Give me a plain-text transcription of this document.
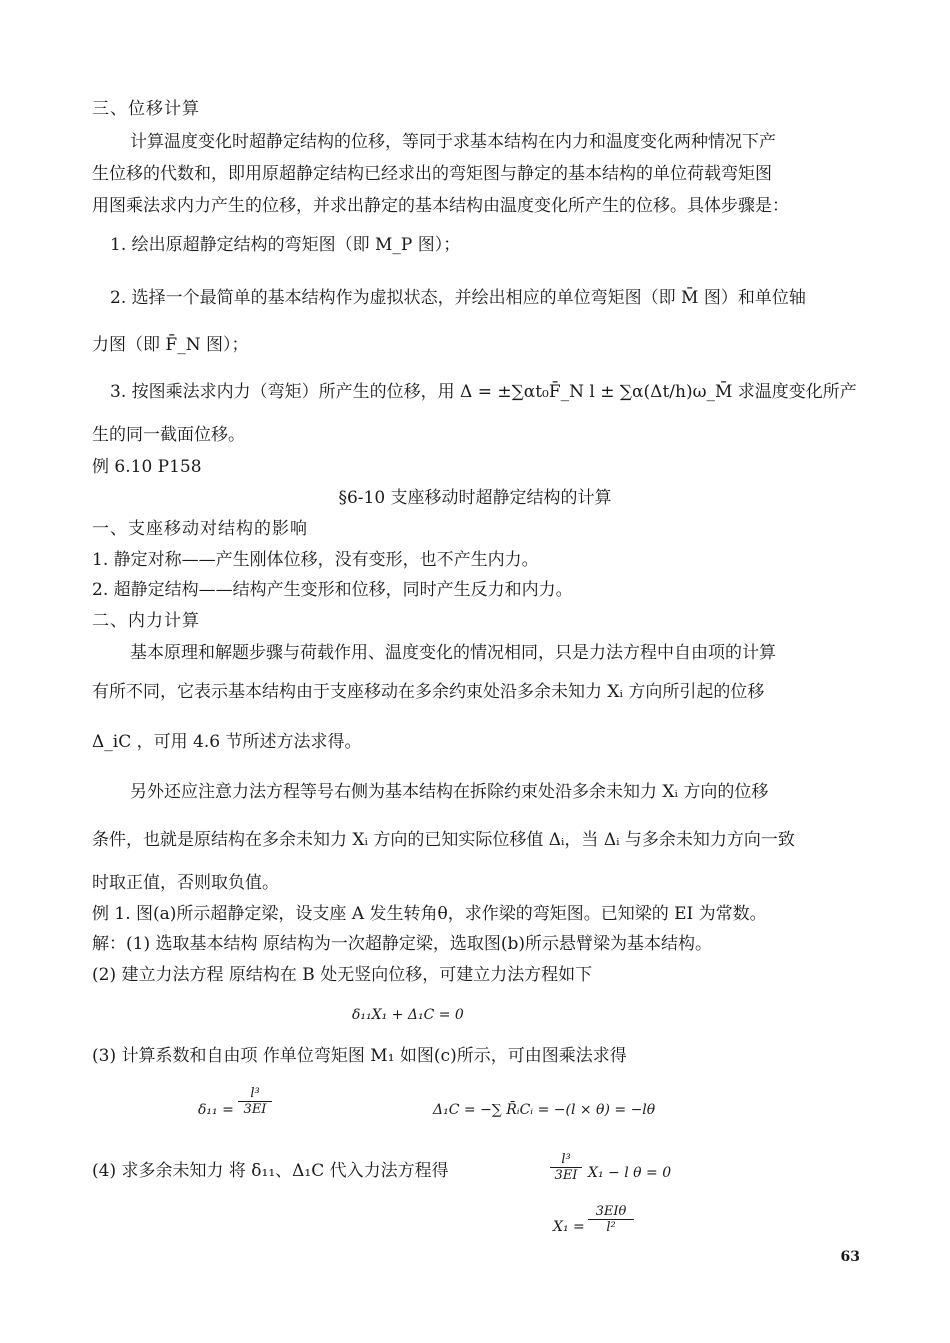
三、位移计算
计算温度变化时超静定结构的位移，等同于求基本结构在内力和温度变化两种情况下产
生位移的代数和，即用原超静定结构已经求出的弯矩图与静定的基本结构的单位荷载弯矩图
用图乘法求内力产生的位移，并求出静定的基本结构由温度变化所产生的位移。具体步骤是：
1. 绘出原超静定结构的弯矩图（即 M_P 图）；
2. 选择一个最简单的基本结构作为虚拟状态，并绘出相应的单位弯矩图（即 M̄ 图）和单位轴
力图（即 F̄_N 图）；
3. 按图乘法求内力（弯矩）所产生的位移，用 Δ = ±∑αt₀F̄_N l ± ∑α(Δt/h)ω_M̄ 求温度变化所产
生的同一截面位移。
例 6.10 P158
§6-10 支座移动时超静定结构的计算
一、支座移动对结构的影响
1. 静定对称——产生刚体位移，没有变形，也不产生内力。
2. 超静定结构——结构产生变形和位移，同时产生反力和内力。
二、内力计算
基本原理和解题步骤与荷载作用、温度变化的情况相同，只是力法方程中自由项的计算
有所不同，它表示基本结构由于支座移动在多余约束处沿多余未知力 Xᵢ 方向所引起的位移
Δ_iC ，可用 4.6 节所述方法求得。
另外还应注意力法方程等号右侧为基本结构在拆除约束处沿多余未知力 Xᵢ 方向的位移
条件，也就是原结构在多余未知力 Xᵢ 方向的已知实际位移值 Δᵢ，当 Δᵢ 与多余未知力方向一致
时取正值，否则取负值。
例 1. 图(a)所示超静定梁，设支座 A 发生转角θ，求作梁的弯矩图。已知梁的 EI 为常数。
解：(1) 选取基本结构 原结构为一次超静定梁，选取图(b)所示悬臂梁为基本结构。
(2) 建立力法方程 原结构在 B 处无竖向位移，可建立力法方程如下
δ₁₁X₁ + Δ₁C = 0
(3) 计算系数和自由项 作单位弯矩图 M₁ 如图(c)所示，可由图乘法求得
$\delta_{11} = \frac{\text{l³}}{3EI}$	Δ₁C = −∑ R̄ᵢCᵢ = −(l × θ) = −lθ
(4) 求多余未知力 将 δ₁₁、Δ₁C 代入力法方程得	$\frac{\text{l³}}{3EI} X_1 - l$ θ = 0
X₁ =
3EIθ
l²
63
